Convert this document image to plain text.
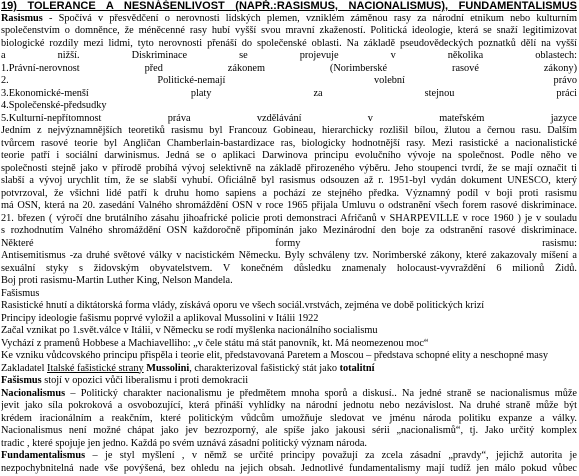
19) TOLERANCE A NESNÁŠENLIVOST (NAPŘ.:RASISMUS, NACIONALISMUS), FUNDAMENTALISMUS
Rasismus - Spočívá v přesvědčení o nerovnosti lidských plemen, vzniklém záměnou rasy za národní etnikum nebo kulturním
společenstvím o domněnce, že méněcenné rasy hubí vyšší svou mravní zkažeností. Politická ideologie, která se snaží legitimizovat
biologické rozdíly mezi lidmi, tyto nerovnosti přenáší do společenské oblasti. Na základě pseudovědeckých poznatků dělí na vyšší
a nižší. Diskriminace se projevuje v několika oblastech:
1.Právní-nerovnost před zákonem (Norimberské rasové zákony)
2. Politické-nemají volební právo
3.Ekonomické-menší platy za stejnou práci
4.Společenské-předsudky
5.Kulturní-nepřítomnost práva vzdělávání v mateřském jazyce
Jedním z nejvýznamnějších teoretiků rasismu byl Francouz Gobineau, hierarchicky rozlišil bílou, žlutou a černou rasu. Dalším
tvůrcem rasové teorie byl Angličan Chamberlain-bastardizace ras, biologicky hodnotnější rasy. Mezi rasistické a nacionalistické
teorie patří i sociální darwinismus. Jedná se o aplikaci Darwinova principu evolučního vývoje na společnost. Podle něho ve
společnosti stejně jako v přírodě probíhá vývoj selektivně na základě přirozeného výběru. Jeho stoupenci tvrdí, že se mají označit ti
slabší a vývoj urychlit tím, že se slabší vyhubí. Oficiálně byl rasismus odsouzen až r. 1951-byl vydán dokument UNESCO, který
potvrzoval, že všichni lidé patří k druhu homo sapiens a pochází ze stejného předka. Významný podíl v boji proti rasismu
má OSN, která na 20. zasedání Valného shromáždění OSN v roce 1965 přijala Úmluvu o odstranění všech forem rasové diskriminace.
21. březen ( výročí dne brutálního zásahu jihoafrické policie proti demonstraci Afričanů v SHARPEVILLE v roce 1960 ) je v souladu
s rozhodnutím Valného shromáždění OSN každoročně připomínán jako Mezinárodní den boje za odstranění rasové diskriminace.
Některé formy rasismu:
Antisemitismus -za druhé světové války v nacistickém Německu. Byly schváleny tzv. Norimberské zákony, které zakazovaly míšení a
sexuální styky s židovským obyvatelstvem. V konečném důsledku znamenaly holocaust-vyvraždění 6 milionů Židů.
Boj proti rasismu-Martin Luther King, Nelson Mandela.
Fašismus
Rasistické hnutí a diktátorská forma vlády, získává oporu ve všech sociál.vrstvách, zejména ve době politických krizí
Principy ideologie fašismu poprvé vyložil a aplikoval Mussolini v Itálii 1922
Začal vznikat po 1.svět.válce v Itálii, v Německu se rodí myšlenka nacionálního socialismu
Vychází z pramenů Hobbese a Machiavelliho: „v čele státu má stát panovník, kt. Má neomezenou moc“
Ke vzniku vůdcovského principu přispěla i teorie elit, představovaná Paretem a Moscou – představa schopné elity a neschopné masy
Zakladatel Italské fašistické strany Mussolini, charakterizoval fašistický stát jako totalitní
Fašismus stojí v opozici vůči liberalismu i proti demokracii
Nacionalismus – Politický charakter nacionalismu je předmětem mnoha sporů a diskusí.. Na jedné straně se nacionalismus může
jevit jako síla pokroková a osvobozující, která přináší vyhlídky na národní jednotu nebo nezávislost. Na druhé straně může být
krédem iracionálním a reakčním, které politickým vůdcům umožňuje sledovat ve jménu národa politiku expanze a války.
Nacionalismus není možné chápat jako jev bezrozporný, ale spíše jako jakousi sérii „nacionalismů“, tj. Jako určitý komplex
tradic , které spojuje jen jedno. Každá po svém uznává zásadní politický význam národa.
Fundamentalismus – je styl myšlení , v němž se určité principy považují za zcela zásadní „pravdy“, jejichž autorita je
nezpochybnitelná nade vše povýšená, bez ohledu na jejich obsah. Jednotlivé fundamentalismy mají tudíž jen málo pokud vůbec
